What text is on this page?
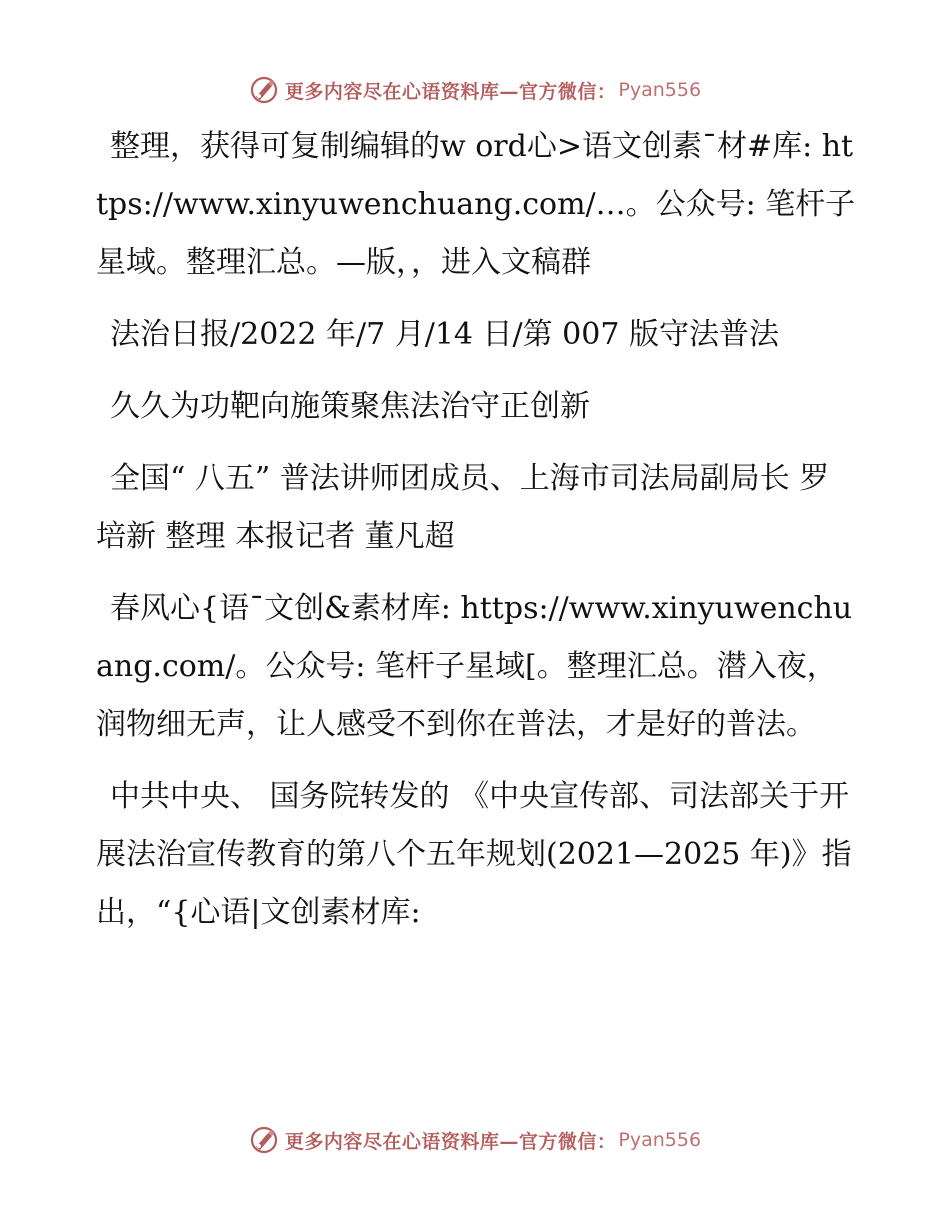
更多内容尽在心语资料库—官方微信： Pyan556

整理，获得可复制编辑的w ord心>语文创素¯材#库: https://www.xinyuwenchuang.com/…。公众号: 笔杆子星域。整理汇总。—版，，进入文稿群

法治日报/2022 年/7 月/14 日/第 007 版守法普法

久久为功靶向施策聚焦法治守正创新

全国“ 八五” 普法讲师团成员、上海市司法局副局长 罗培新 整理 本报记者 董凡超

春风心{语¯文创&素材库: https://www.xinyuwenchuang.com/。公众号: 笔杆子星域[。整理汇总。潜入夜，润物细无声，让人感受不到你在普法，才是好的普法。

中共中央、 国务院转发的 《中央宣传部、司法部关于开展法治宣传教育的第八个五年规划(2021—2025 年)》指出，“{心语|文创素材库:

更多内容尽在心语资料库—官方微信： Pyan556
